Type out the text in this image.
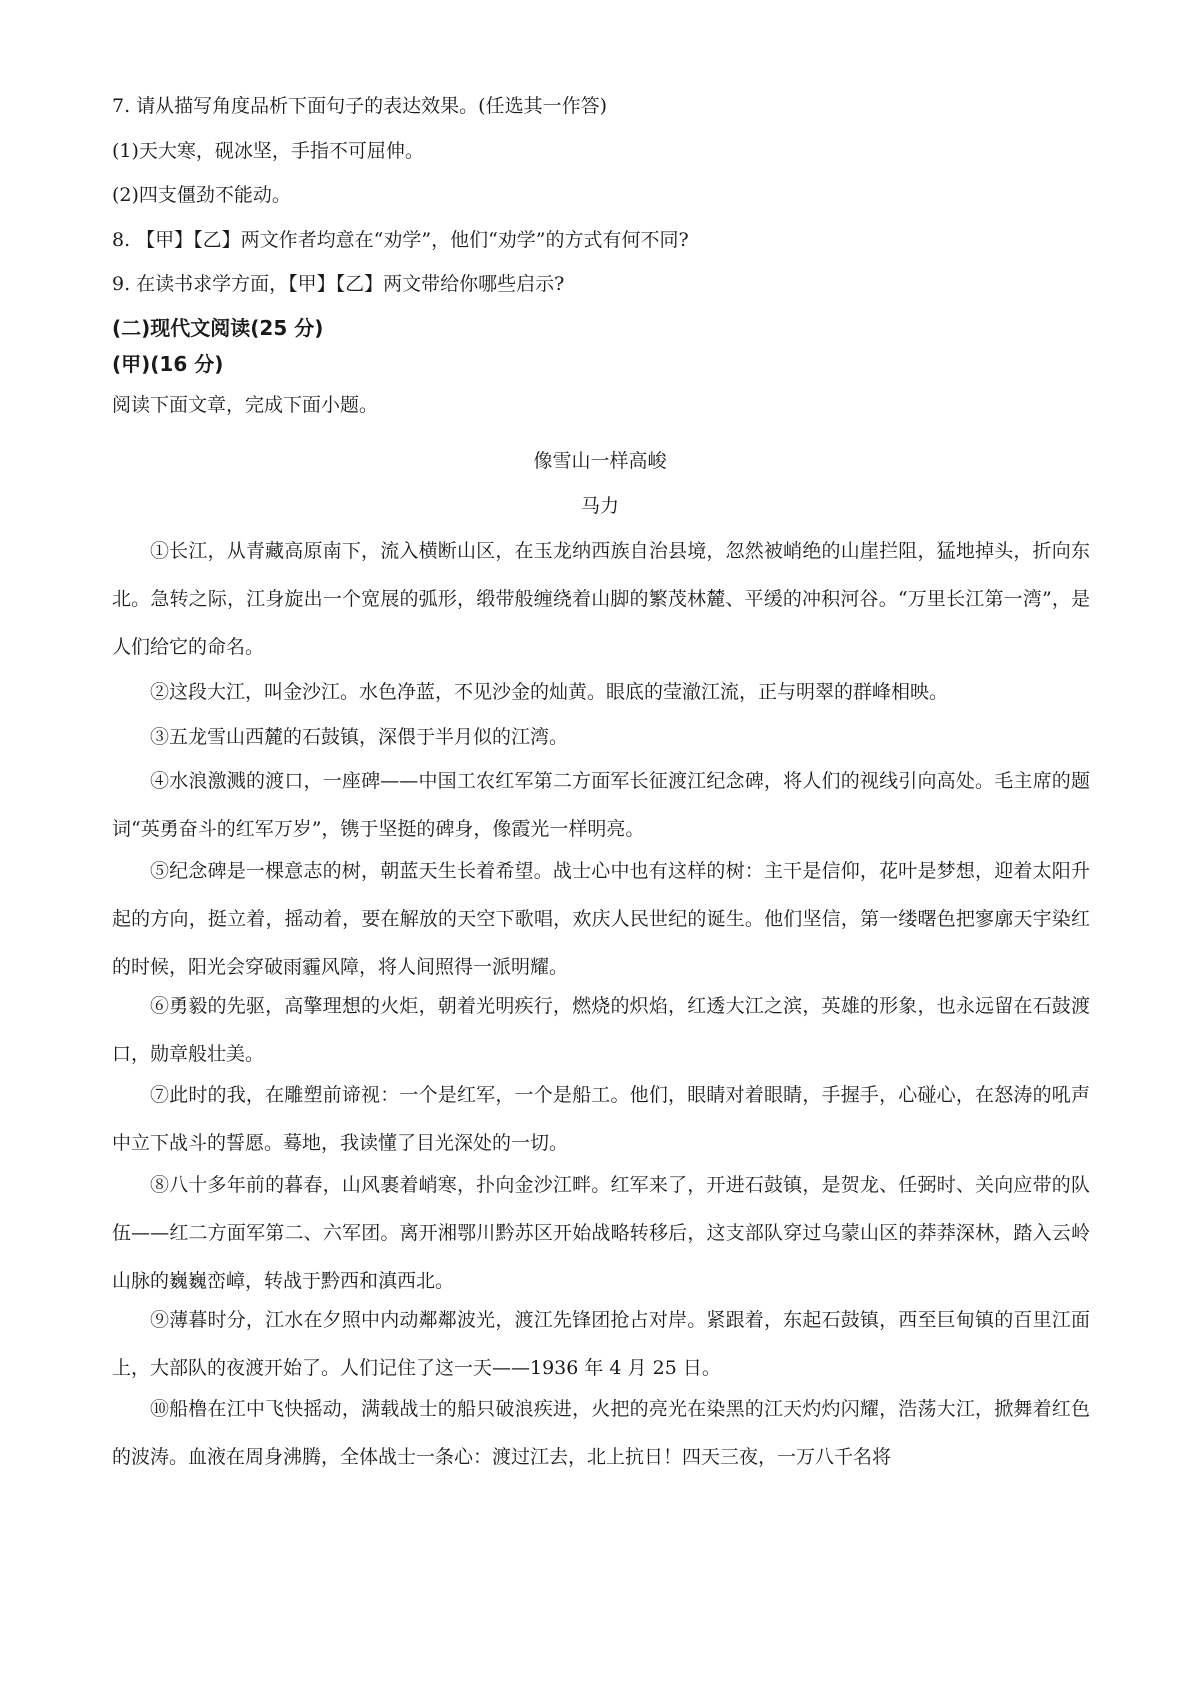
7. 请从描写角度品析下面句子的表达效果。(任选其一作答)
(1)天大寒，砚冰坚，手指不可屈伸。
(2)四支僵劲不能动。
8. 【甲】【乙】两文作者均意在“劝学”，他们“劝学”的方式有何不同?
9. 在读书求学方面，【甲】【乙】两文带给你哪些启示?
(二)现代文阅读(25 分)
(甲)(16 分)
阅读下面文章，完成下面小题。
像雪山一样高峻
马力
①长江，从青藏高原南下，流入横断山区，在玉龙纳西族自治县境，忽然被峭绝的山崖拦阻，猛地掉头，折向东北。急转之际，江身旋出一个宽展的弧形，缎带般缠绕着山脚的繁茂林麓、平缓的冲积河谷。“万里长江第一湾”，是人们给它的命名。
②这段大江，叫金沙江。水色净蓝，不见沙金的灿黄。眼底的莹澈江流，正与明翠的群峰相映。
③五龙雪山西麓的石鼓镇，深偎于半月似的江湾。
④水浪激溅的渡口，一座碑——中国工农红军第二方面军长征渡江纪念碑，将人们的视线引向高处。毛主席的题词“英勇奋斗的红军万岁”，镌于坚挺的碑身，像霞光一样明亮。
⑤纪念碑是一棵意志的树，朝蓝天生长着希望。战士心中也有这样的树：主干是信仰，花叶是梦想，迎着太阳升起的方向，挺立着，摇动着，要在解放的天空下歌唱，欢庆人民世纪的诞生。他们坚信，第一缕曙色把寥廓天宇染红的时候，阳光会穿破雨霾风障，将人间照得一派明耀。
⑥勇毅的先驱，高擎理想的火炬，朝着光明疾行，燃烧的炽焰，红透大江之滨，英雄的形象，也永远留在石鼓渡口，勋章般壮美。
⑦此时的我，在雕塑前谛视：一个是红军，一个是船工。他们，眼睛对着眼睛，手握手，心碰心，在怒涛的吼声中立下战斗的誓愿。蓦地，我读懂了目光深处的一切。
⑧八十多年前的暮春，山风裹着峭寒，扑向金沙江畔。红军来了，开进石鼓镇，是贺龙、任弼时、关向应带的队伍——红二方面军第二、六军团。离开湘鄂川黔苏区开始战略转移后，这支部队穿过乌蒙山区的莽莽深林，踏入云岭山脉的巍巍峦嶂，转战于黔西和滇西北。
⑨薄暮时分，江水在夕照中内动鄰鄰波光，渡江先锋团抢占对岸。紧跟着，东起石鼓镇，西至巨甸镇的百里江面上，大部队的夜渡开始了。人们记住了这一天——1936 年 4 月 25 日。
⑩船橹在江中飞快摇动，满载战士的船只破浪疾进，火把的亮光在染黑的江天灼灼闪耀，浩荡大江，掀舞着红色的波涛。血液在周身沸腾，全体战士一条心：渡过江去，北上抗日！四天三夜，一万八千名将
